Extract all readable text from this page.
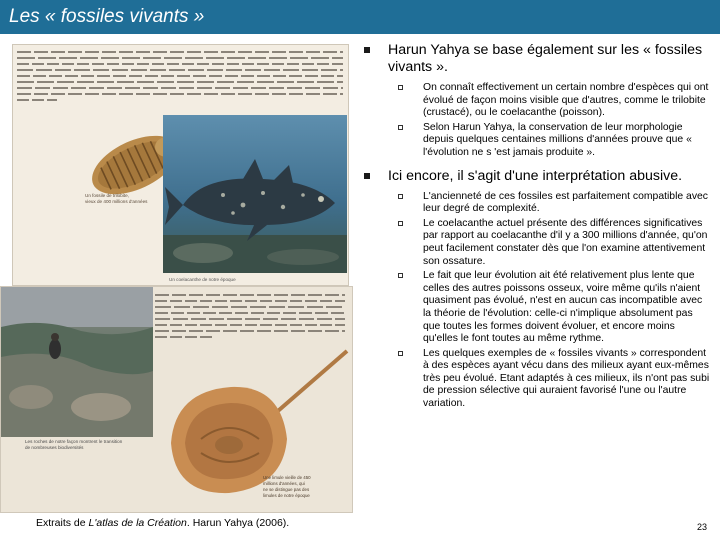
Les « fossiles vivants »
Un fossile de trilobite,
vieux de 400 millions d'années
Un coelacanthe de notre époque
Les roches de notre façon montrent le transition
de nombreuses biodiversités
Une limule vieille de 450
millions d'années, qui
ne se distingue pas des
limules de notre époque
Extraits de L'atlas de la Création. Harun Yahya (2006).
Harun Yahya se base également sur les « fossiles vivants ».
On connaît effectivement un certain nombre d'espèces qui ont évolué de façon moins visible que d'autres, comme le trilobite (crustacé), ou le coelacanthe (poisson).
Selon Harun Yahya, la conservation de leur morphologie depuis quelques centaines millions d'années prouve que « l'évolution ne s 'est jamais produite ».
Ici encore, il s'agit d'une interprétation abusive.
L'ancienneté de ces fossiles est parfaitement compatible avec leur degré de complexité.
Le coelacanthe actuel présente des différences significatives par rapport au coelacanthe d'il y a 300 millions d'année, qu'on peut facilement constater dès que l'on examine attentivement son ossature.
Le fait que leur évolution ait été relativement plus lente que celles des autres poissons osseux, voire même qu'ils n'aient quasiment pas évolué, n'est en aucun cas incompatible avec la théorie de l'évolution: celle-ci n'implique absolument pas que toutes les formes doivent évoluer, et encore moins qu'elles le font toutes au même rythme.
Les quelques exemples de « fossiles vivants » correspondent à des espèces ayant vécu dans des milieux ayant eux-mêmes très peu évolué. Etant adaptés à ces milieux, ils n'ont pas subi de pression sélective qui auraient favorisé l'une ou l'autre variation.
23
